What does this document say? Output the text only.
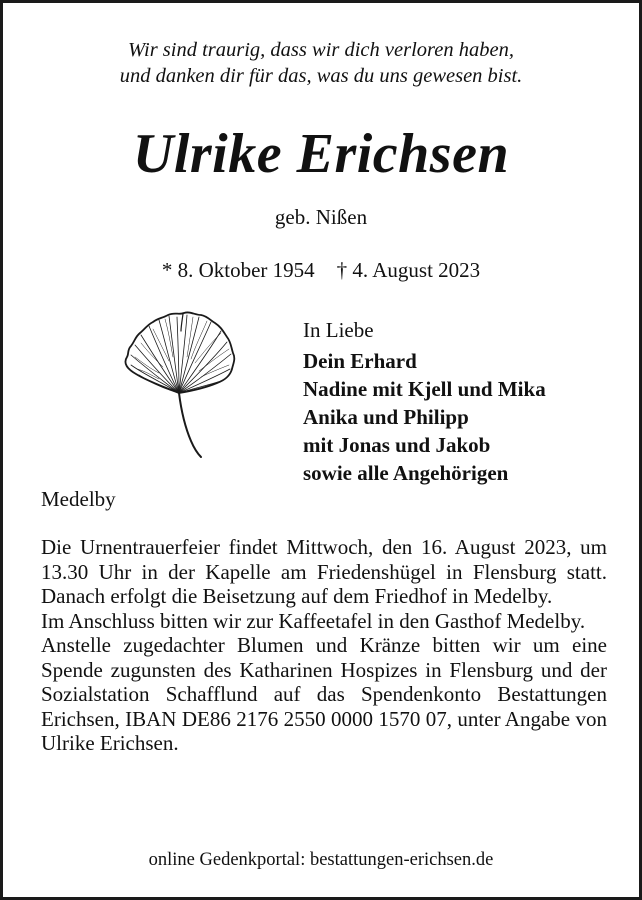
Wir sind traurig, dass wir dich verloren haben,
und danken dir für das, was du uns gewesen bist.
Ulrike Erichsen
geb. Nißen
* 8. Oktober 1954 † 4. August 2023
In Liebe
Dein Erhard
Nadine mit Kjell und Mika
Anika und Philipp
mit Jonas und Jakob
sowie alle Angehörigen
Medelby

Die Urnentrauerfeier findet Mittwoch, den 16. August 2023, um 13.30 Uhr in der Kapelle am Friedenshügel in Flensburg statt. Danach erfolgt die Beisetzung auf dem Friedhof in Medelby.

Im Anschluss bitten wir zur Kaffeetafel in den Gasthof Medelby.

Anstelle zugedachter Blumen und Kränze bitten wir um eine Spende zugunsten des Katharinen Hospizes in Flensburg und der Sozialstation Schafflund auf das Spendenkonto Bestattungen Erichsen, IBAN DE86 2176 2550 0000 1570 07, unter Angabe von Ulrike Erichsen.

online Gedenkportal: bestattungen-erichsen.de
